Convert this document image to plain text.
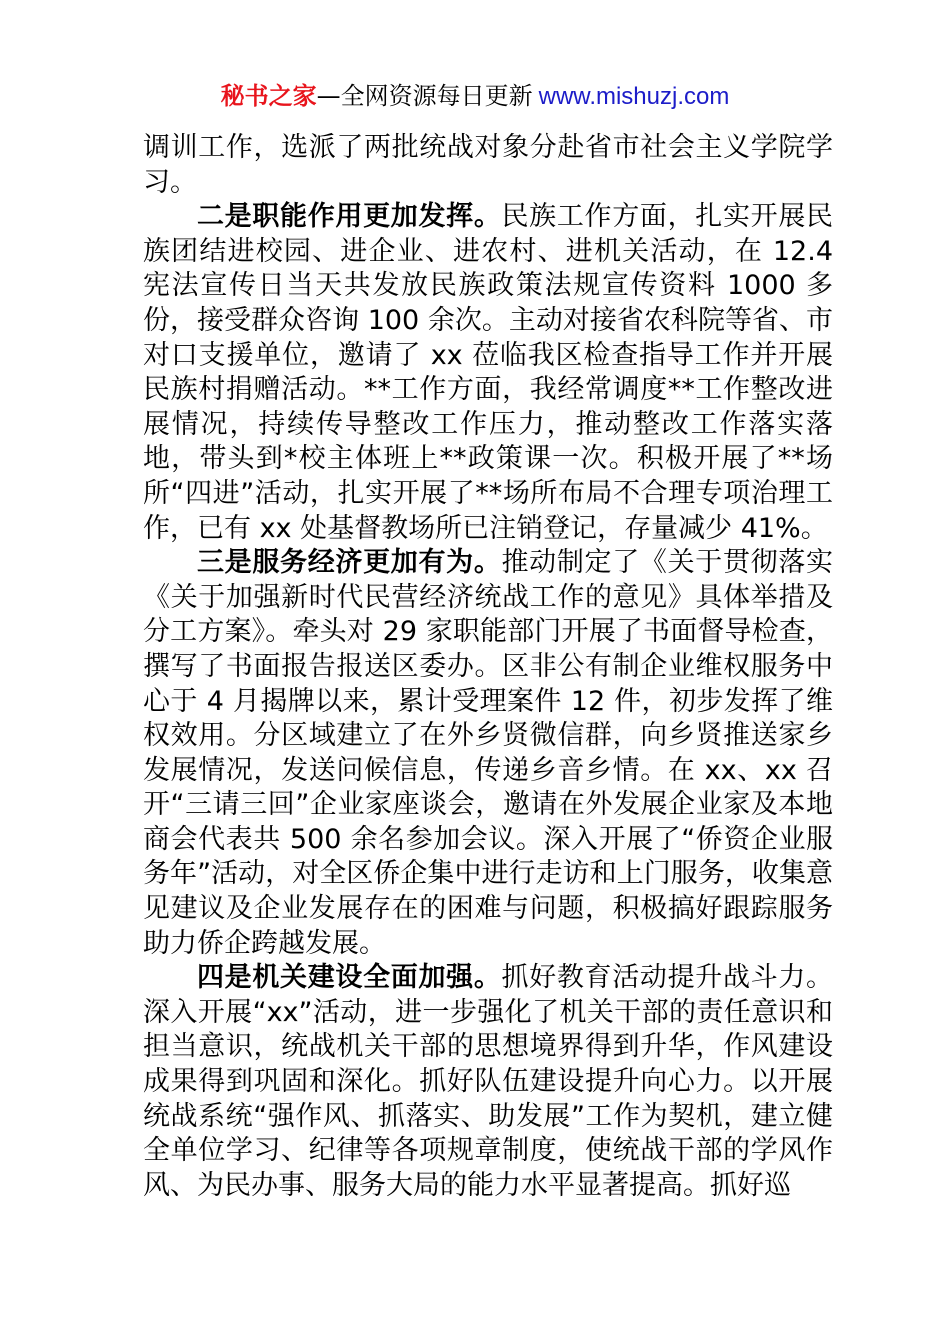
秘书之家—全网资源每日更新 www.mishuzj.com

调训工作，选派了两批统战对象分赴省市社会主义学院学习。

二是职能作用更加发挥。民族工作方面，扎实开展民族团结进校园、进企业、进农村、进机关活动，在 12.4 宪法宣传日当天共发放民族政策法规宣传资料 1000 多份，接受群众咨询 100 余次。主动对接省农科院等省、市对口支援单位，邀请了 xx 莅临我区检查指导工作并开展民族村捐赠活动。**工作方面，我经常调度**工作整改进展情况，持续传导整改工作压力，推动整改工作落实落地，带头到*校主体班上**政策课一次。积极开展了**场所“四进”活动，扎实开展了**场所布局不合理专项治理工作，已有 xx 处基督教场所已注销登记，存量减少 41%。

三是服务经济更加有为。推动制定了《关于贯彻落实《关于加强新时代民营经济统战工作的意见》具体举措及分工方案》。牵头对 29 家职能部门开展了书面督导检查，撰写了书面报告报送区委办。区非公有制企业维权服务中心于 4 月揭牌以来，累计受理案件 12 件，初步发挥了维权效用。分区域建立了在外乡贤微信群，向乡贤推送家乡发展情况，发送问候信息，传递乡音乡情。在 xx、xx 召开“三请三回”企业家座谈会，邀请在外发展企业家及本地商会代表共 500 余名参加会议。深入开展了“侨资企业服务年”活动，对全区侨企集中进行走访和上门服务，收集意见建议及企业发展存在的困难与问题，积极搞好跟踪服务助力侨企跨越发展。

四是机关建设全面加强。抓好教育活动提升战斗力。深入开展“xx”活动，进一步强化了机关干部的责任意识和担当意识，统战机关干部的思想境界得到升华，作风建设成果得到巩固和深化。抓好队伍建设提升向心力。以开展统战系统“强作风、抓落实、助发展”工作为契机，建立健全单位学习、纪律等各项规章制度，使统战干部的学风作风、为民办事、服务大局的能力水平显著提高。抓好巡
